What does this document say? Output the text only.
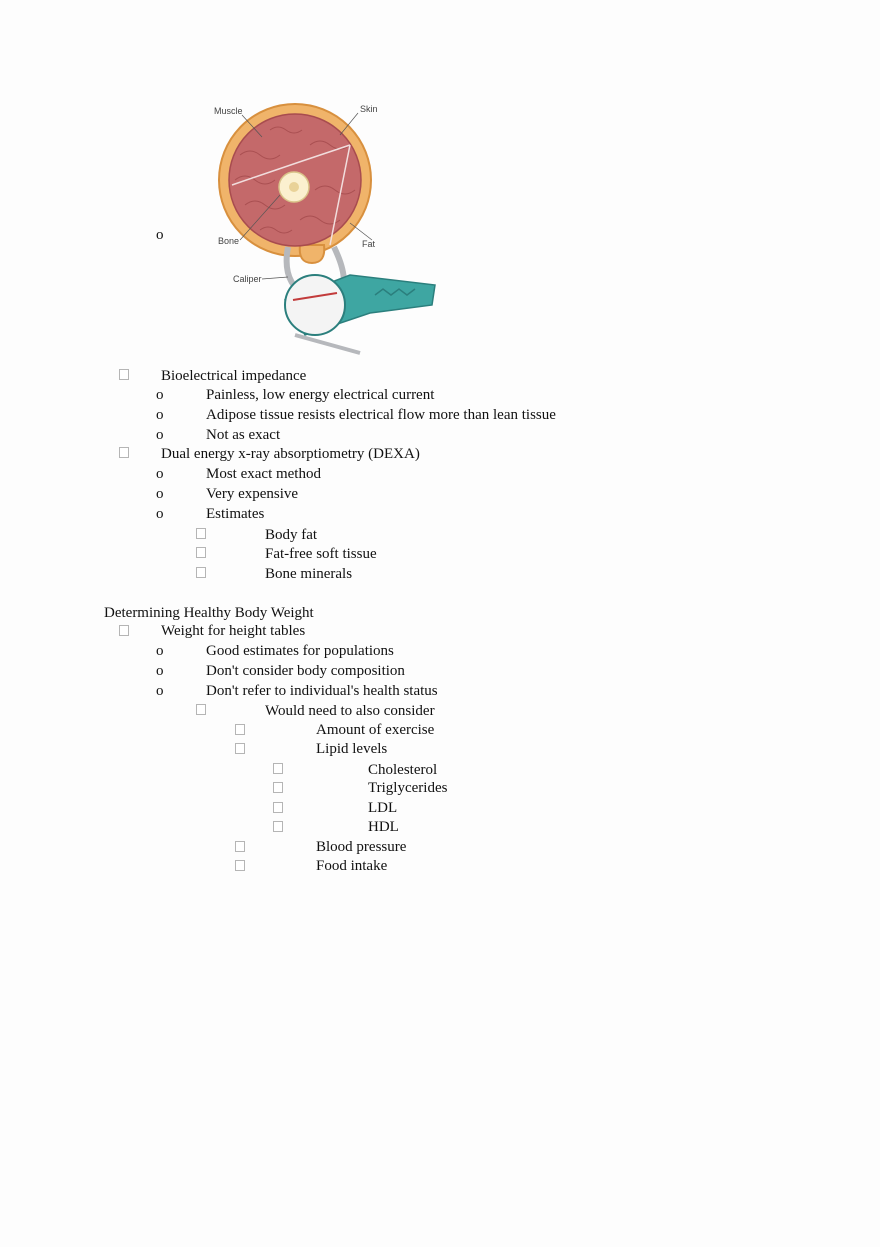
o
Muscle	Skin
Bone	Fat
Caliper
Bioelectrical impedance
o	Painless, low energy electrical current
o	Adipose tissue resists electrical flow more than lean tissue
o	Not as exact
Dual energy x-ray absorptiometry (DEXA)
o	Most exact method
o	Very expensive
o	Estimates
Body fat
Fat-free soft tissue
Bone minerals
Determining Healthy Body Weight
Weight for height tables
o	Good estimates for populations
o	Don't consider body composition
o	Don't refer to individual's health status
Would need to also consider
Amount of exercise
Lipid levels
Cholesterol
Triglycerides
LDL
HDL
Blood pressure
Food intake
